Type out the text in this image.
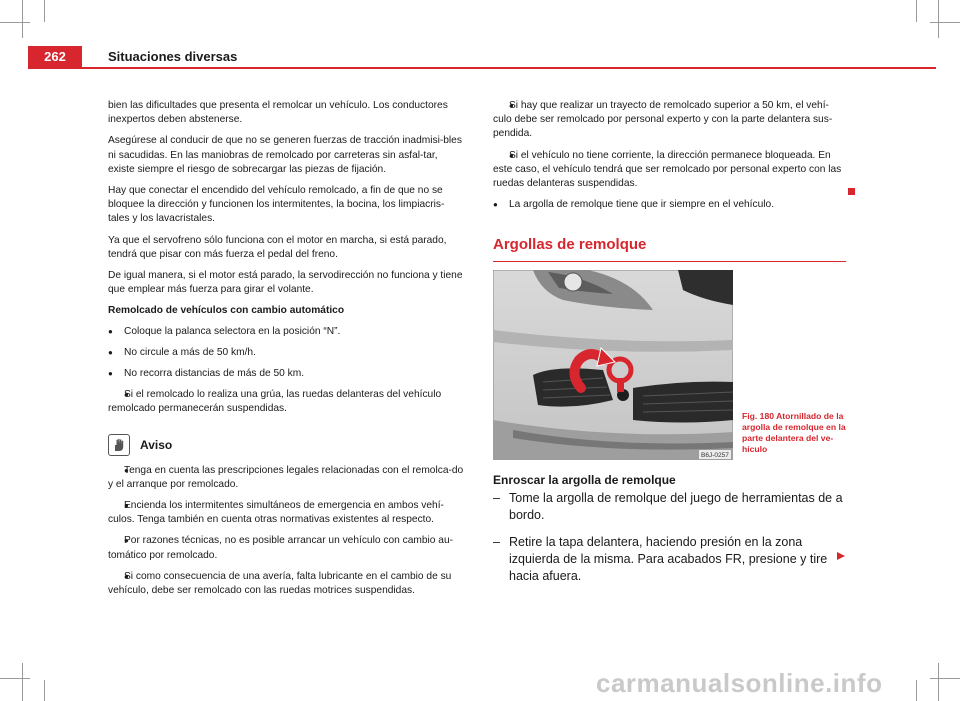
262	Situaciones diversas

bien las dificultades que presenta el remolcar un vehículo. Los conductores inexpertos deben abstenerse.

Asegúrese al conducir de que no se generen fuerzas de tracción inadmisi-bles ni sacudidas. En las maniobras de remolcado por carreteras sin asfal-tar, existe siempre el riesgo de sobrecargar las piezas de fijación.

Hay que conectar el encendido del vehículo remolcado, a fin de que no se bloquee la dirección y funcionen los intermitentes, la bocina, los limpiacris-tales y los lavacristales.

Ya que el servofreno sólo funciona con el motor en marcha, si está parado, tendrá que pisar con más fuerza el pedal del freno.

De igual manera, si el motor está parado, la servodirección no funciona y tiene que emplear más fuerza para girar el volante.

Remolcado de vehículos con cambio automático

● Coloque la palanca selectora en la posición “N”.
● No circule a más de 50 km/h.
● No recorra distancias de más de 50 km.
● Si el remolcado lo realiza una grúa, las ruedas delanteras del vehículo remolcado permanecerán suspendidas.
Aviso
● Tenga en cuenta las prescripciones legales relacionadas con el remolca-do y el arranque por remolcado.
● Encienda los intermitentes simultáneos de emergencia en ambos vehí-culos. Tenga también en cuenta otras normativas existentes al respecto.
● Por razones técnicas, no es posible arrancar un vehículo con cambio au-tomático por remolcado.
● Si como consecuencia de una avería, falta lubricante en el cambio de su vehículo, debe ser remolcado con las ruedas motrices suspendidas.
● Si hay que realizar un trayecto de remolcado superior a 50 km, el vehí-culo debe ser remolcado por personal experto y con la parte delantera sus-pendida.
● Si el vehículo no tiene corriente, la dirección permanece bloqueada. En este caso, el vehículo tendrá que ser remolcado por personal experto con las ruedas delanteras suspendidas.
● La argolla de remolque tiene que ir siempre en el vehículo.
Argollas de remolque
B6J-0257
Fig. 180 Atornillado de la argolla de remolque en la parte delantera del ve-hículo
Enroscar la argolla de remolque
– Tome la argolla de remolque del juego de herramientas de a bordo.
– Retire la tapa delantera, haciendo presión en la zona izquierda de la misma. Para acabados FR, presione y tire hacia afuera.
carmanualsonline.info
